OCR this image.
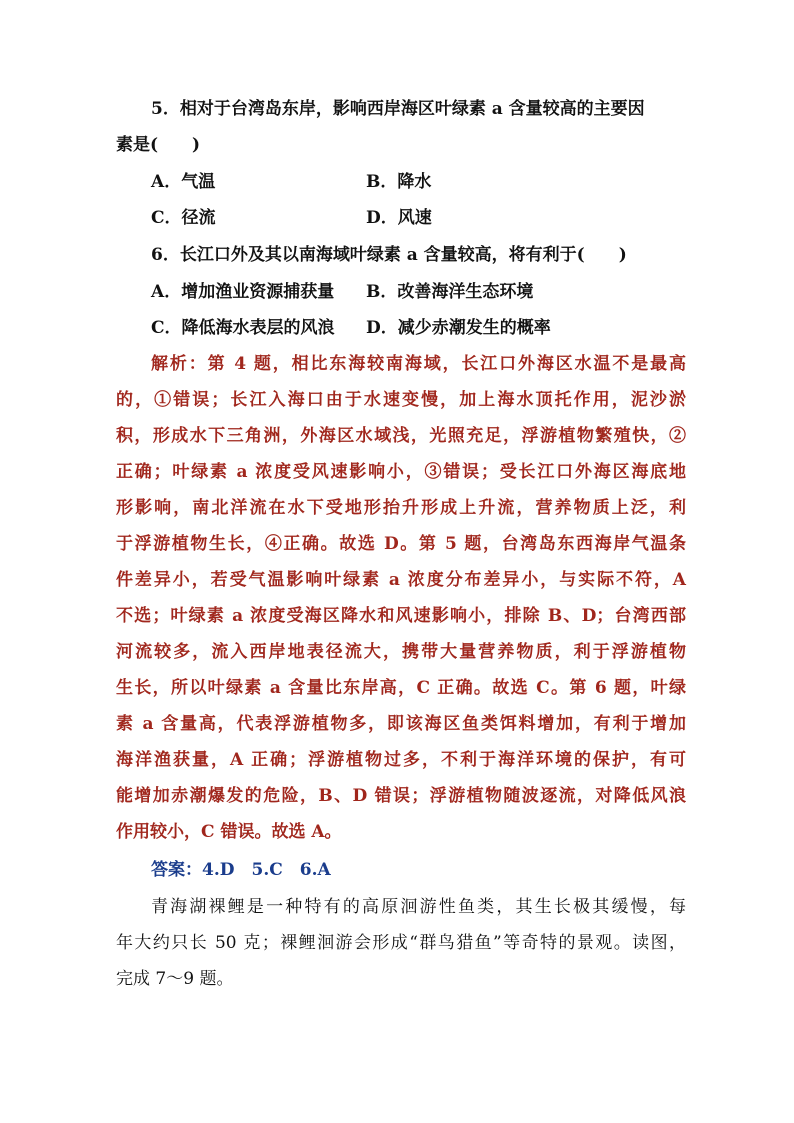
5．相对于台湾岛东岸，影响西岸海区叶绿素 a 含量较高的主要因
素是(　　)
A．气温	B．降水
C．径流	D．风速
6．长江口外及其以南海域叶绿素 a 含量较高，将有利于(　　)
A．增加渔业资源捕获量 B．改善海洋生态环境
C．降低海水表层的风浪 D．减少赤潮发生的概率
解析：第 4 题，相比东海较南海域，长江口外海区水温不是最高
的，①错误；长江入海口由于水速变慢，加上海水顶托作用，泥沙淤
积，形成水下三角洲，外海区水域浅，光照充足，浮游植物繁殖快，②
正确；叶绿素 a 浓度受风速影响小，③错误；受长江口外海区海底地
形影响，南北洋流在水下受地形抬升形成上升流，营养物质上泛，利
于浮游植物生长，④正确。故选 D。第 5 题，台湾岛东西海岸气温条
件差异小，若受气温影响叶绿素 a 浓度分布差异小，与实际不符，A
不选；叶绿素 a 浓度受海区降水和风速影响小，排除 B、D；台湾西部
河流较多，流入西岸地表径流大，携带大量营养物质，利于浮游植物
生长，所以叶绿素 a 含量比东岸高，C 正确。故选 C。第 6 题，叶绿
素 a 含量高，代表浮游植物多，即该海区鱼类饵料增加，有利于增加
海洋渔获量，A 正确；浮游植物过多，不利于海洋环境的保护，有可
能增加赤潮爆发的危险，B、D 错误；浮游植物随波逐流，对降低风浪
作用较小，C 错误。故选 A。
答案：4.D　5.C　6.A
青海湖裸鲤是一种特有的高原洄游性鱼类，其生长极其缓慢，每
年大约只长 50 克；裸鲤洄游会形成“群鸟猎鱼”等奇特的景观。读图，
完成 7～9 题。
